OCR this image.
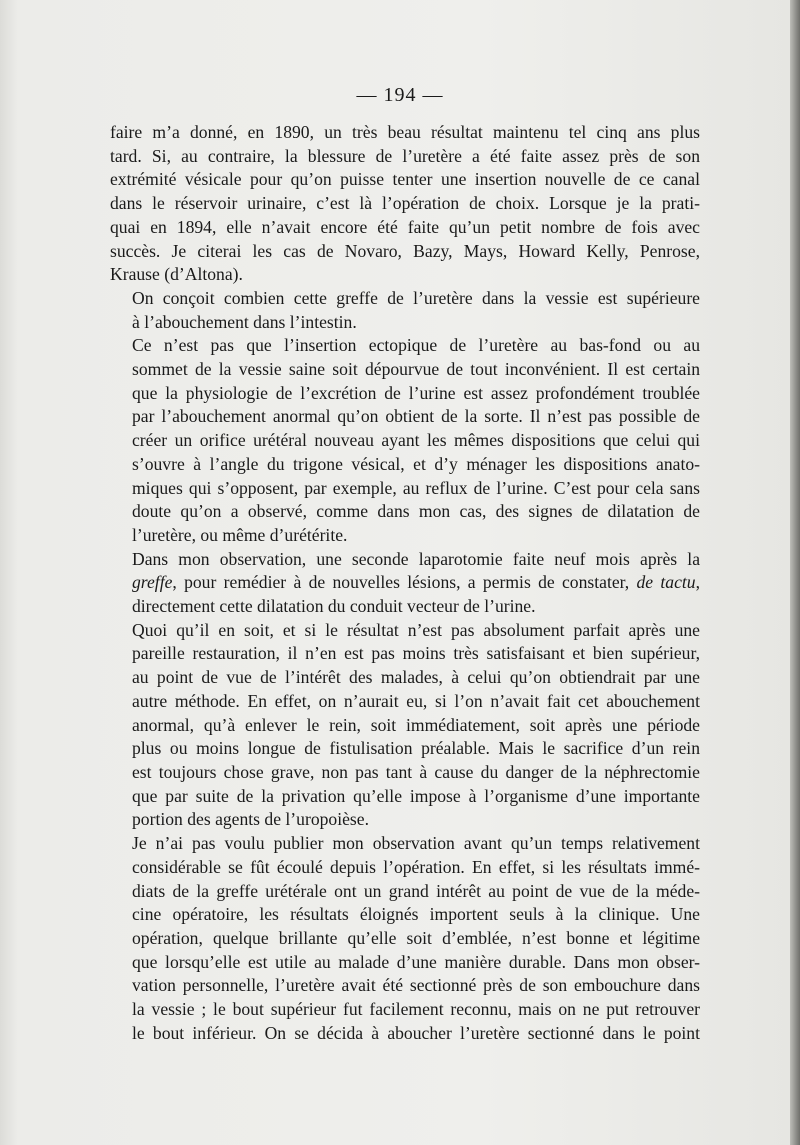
— 194 —

faire m’a donné, en 1890, un très beau résultat maintenu tel cinq ans plus
tard. Si, au contraire, la blessure de l’uretère a été faite assez près de son
extrémité vésicale pour qu’on puisse tenter une insertion nouvelle de ce canal
dans le réservoir urinaire, c’est là l’opération de choix. Lorsque je la prati-
quai en 1894, elle n’avait encore été faite qu’un petit nombre de fois avec
succès. Je citerai les cas de Novaro, Bazy, Mays, Howard Kelly, Penrose,
Krause (d’Altona).

On conçoit combien cette greffe de l’uretère dans la vessie est supérieure
à l’abouchement dans l’intestin.

Ce n’est pas que l’insertion ectopique de l’uretère au bas-fond ou au
sommet de la vessie saine soit dépourvue de tout inconvénient. Il est certain
que la physiologie de l’excrétion de l’urine est assez profondément troublée
par l’abouchement anormal qu’on obtient de la sorte. Il n’est pas possible de
créer un orifice urétéral nouveau ayant les mêmes dispositions que celui qui
s’ouvre à l’angle du trigone vésical, et d’y ménager les dispositions anato-
miques qui s’opposent, par exemple, au reflux de l’urine. C’est pour cela sans
doute qu’on a observé, comme dans mon cas, des signes de dilatation de
l’uretère, ou même d’urétérite.

Dans mon observation, une seconde laparotomie faite neuf mois après la
greffe, pour remédier à de nouvelles lésions, a permis de constater, de tactu,
directement cette dilatation du conduit vecteur de l’urine.

Quoi qu’il en soit, et si le résultat n’est pas absolument parfait après une
pareille restauration, il n’en est pas moins très satisfaisant et bien supérieur,
au point de vue de l’intérêt des malades, à celui qu’on obtiendrait par une
autre méthode. En effet, on n’aurait eu, si l’on n’avait fait cet abouchement
anormal, qu’à enlever le rein, soit immédiatement, soit après une période
plus ou moins longue de fistulisation préalable. Mais le sacrifice d’un rein
est toujours chose grave, non pas tant à cause du danger de la néphrectomie
que par suite de la privation qu’elle impose à l’organisme d’une importante
portion des agents de l’uropoièse.

Je n’ai pas voulu publier mon observation avant qu’un temps relativement
considérable se fût écoulé depuis l’opération. En effet, si les résultats immé-
diats de la greffe urétérale ont un grand intérêt au point de vue de la méde-
cine opératoire, les résultats éloignés importent seuls à la clinique. Une
opération, quelque brillante qu’elle soit d’emblée, n’est bonne et légitime
que lorsqu’elle est utile au malade d’une manière durable. Dans mon obser-
vation personnelle, l’uretère avait été sectionné près de son embouchure dans
la vessie ; le bout supérieur fut facilement reconnu, mais on ne put retrouver
le bout inférieur. On se décida à aboucher l’uretère sectionné dans le point
